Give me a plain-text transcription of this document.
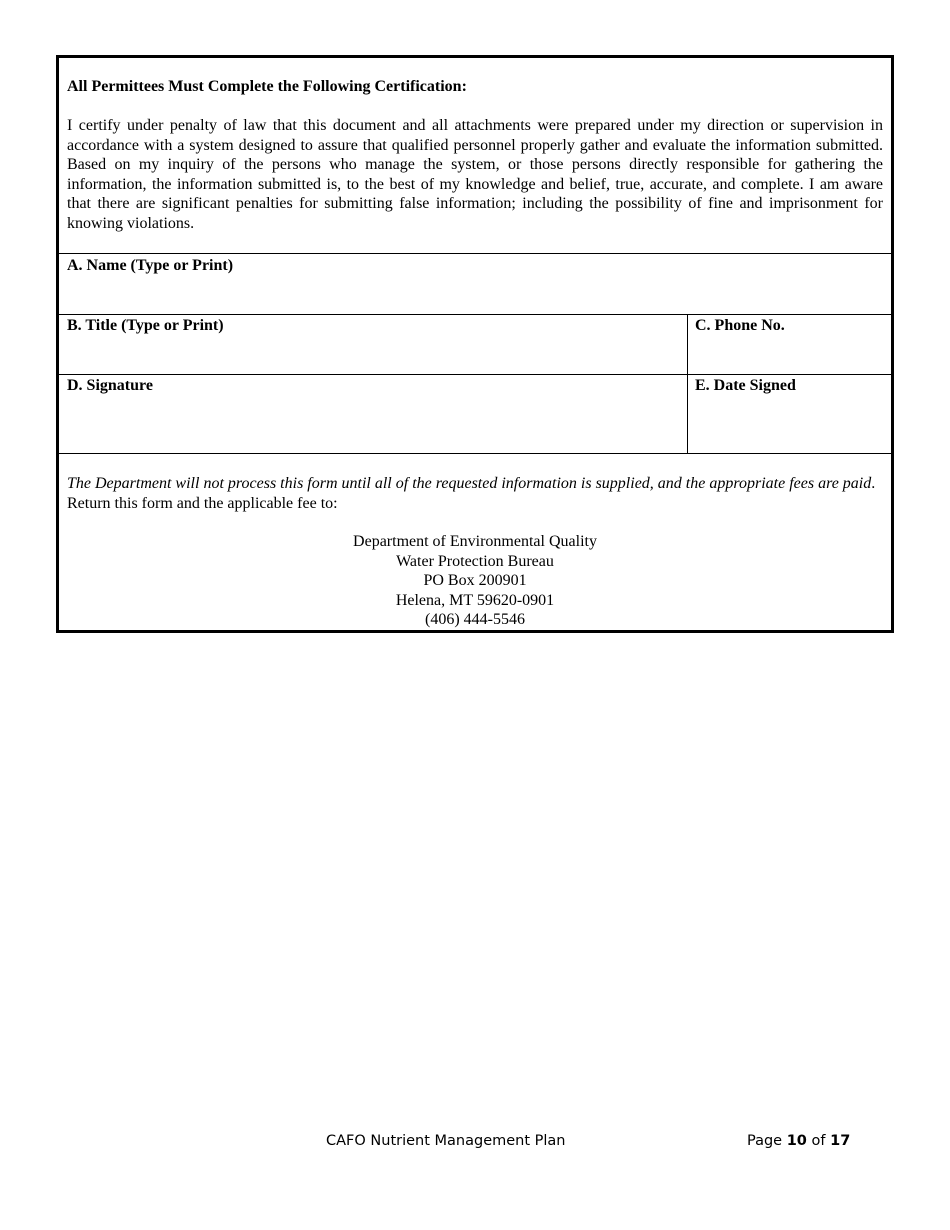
All Permittees Must Complete the Following Certification:

I certify under penalty of law that this document and all attachments were prepared under my direction or supervision in accordance with a system designed to assure that qualified personnel properly gather and evaluate the information submitted. Based on my inquiry of the persons who manage the system, or those persons directly responsible for gathering the information, the information submitted is, to the best of my knowledge and belief, true, accurate, and complete. I am aware that there are significant penalties for submitting false information; including the possibility of fine and imprisonment for knowing violations.

A. Name (Type or Print)
B. Title (Type or Print)	C. Phone No.
D. Signature	E. Date Signed

The Department will not process this form until all of the requested information is supplied, and the appropriate fees are paid. Return this form and the applicable fee to:

Department of Environmental Quality
Water Protection Bureau
PO Box 200901
Helena, MT 59620-0901
(406) 444-5546
CAFO Nutrient Management Plan	Page 10 of 17
